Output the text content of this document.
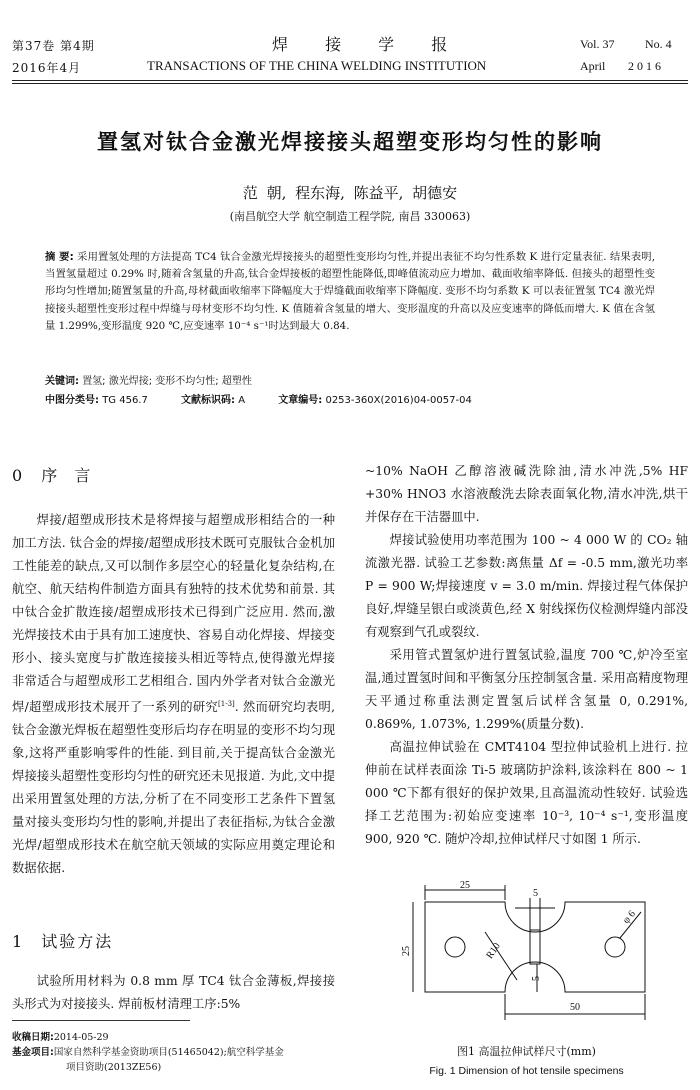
第37卷 第4期
2016年4月
焊 接 学 报
TRANSACTIONS OF THE CHINA WELDING INSTITUTION
Vol. 37	No. 4
April 2 0 1 6
置氢对钛合金激光焊接接头超塑变形均匀性的影响
范 朝, 程东海, 陈益平, 胡德安
(南昌航空大学 航空制造工程学院, 南昌 330063)
摘 要: 采用置氢处理的方法提高 TC4 钛合金激光焊接接头的超塑性变形均匀性,并提出表征不均匀性系数 K 进行定量表征. 结果表明,当置氢量超过 0.29% 时,随着含氢量的升高,钛合金焊接板的超塑性能降低,即峰值流动应力增加、截面收缩率降低. 但接头的超塑性变形均匀性增加;随置氢量的升高,母材截面收缩率下降幅度大于焊缝截面收缩率下降幅度. 变形不均匀系数 K 可以表征置氢 TC4 激光焊接接头超塑性变形过程中焊缝与母材变形不均匀性. K 值随着含氢量的增大、变形温度的升高以及应变速率的降低而增大. K 值在含氢量 1.299%,变形温度 920 ℃,应变速率 10⁻⁴ s⁻¹时达到最大 0.84.
关键词: 置氢; 激光焊接; 变形不均匀性; 超塑性
中图分类号: TG 456.7	文献标识码: A	文章编号: 0253-360X(2016)04-0057-04
0 序 言

焊接/超塑成形技术是将焊接与超塑成形相结合的一种加工方法. 钛合金的焊接/超塑成形技术既可克服钛合金机加工性能差的缺点,又可以制作多层空心的轻量化复杂结构,在航空、航天结构件制造方面具有独特的技术优势和前景. 其中钛合金扩散连接/超塑成形技术已得到广泛应用. 然而,激光焊接技术由于具有加工速度快、容易自动化焊接、焊接变形小、接头宽度与扩散连接接头相近等特点,使得激光焊接非常适合与超塑成形工艺相组合. 国内外学者对钛合金激光焊/超塑成形技术展开了一系列的研究[1-3]. 然而研究均表明,钛合金激光焊板在超塑性变形后均存在明显的变形不均匀现象,这将严重影响零件的性能. 到目前,关于提高钛合金激光焊接接头超塑性变形均匀性的研究还未见报道. 为此,文中提出采用置氢处理的方法,分析了在不同变形工艺条件下置氢量对接头变形均匀性的影响,并提出了表征指标,为钛合金激光焊/超塑成形技术在航空航天领域的实际应用奠定理论和数据依据.

1 试验方法

试验所用材料为 0.8 mm 厚 TC4 钛合金薄板,焊接接头形式为对接接头. 焊前板材清理工序:5%

收稿日期:2014-05-29
基金项目:国家自然科学基金资助项目(51465042);航空科学基金
项目资助(2013ZE56)

~10% NaOH 乙醇溶液碱洗除油,清水冲洗,5% HF +30% HNO3 水溶液酸洗去除表面氧化物,清水冲洗,烘干并保存在干洁器皿中.

焊接试验使用功率范围为 100 ~ 4 000 W 的 CO₂ 轴流激光器. 试验工艺参数:离焦量 Δf = -0.5 mm,激光功率 P = 900 W;焊接速度 v = 3.0 m/min. 焊接过程气体保护良好,焊缝呈银白或淡黄色,经 X 射线探伤仪检测焊缝内部没有观察到气孔或裂纹.

采用管式置氢炉进行置氢试验,温度 700 ℃,炉冷至室温,通过置氢时间和平衡氢分压控制氢含量. 采用高精度物理天平通过称重法测定置氢后试样含氢量 0, 0.291%, 0.869%, 1.073%, 1.299%(质量分数).

高温拉伸试验在 CMT4104 型拉伸试验机上进行. 拉伸前在试样表面涂 Ti-5 玻璃防护涂料,该涂料在 800 ~ 1 000 ℃下都有很好的保护效果,且高温流动性较好. 试验选择工艺范围为:初始应变速率 10⁻³, 10⁻⁴ s⁻¹,变形温度 900, 920 ℃. 随炉冷却,拉伸试样尺寸如图 1 所示.

25
5
φ 6
25	R10
5
50
图1 高温拉伸试样尺寸(mm)
Fig. 1 Dimension of hot tensile specimens
